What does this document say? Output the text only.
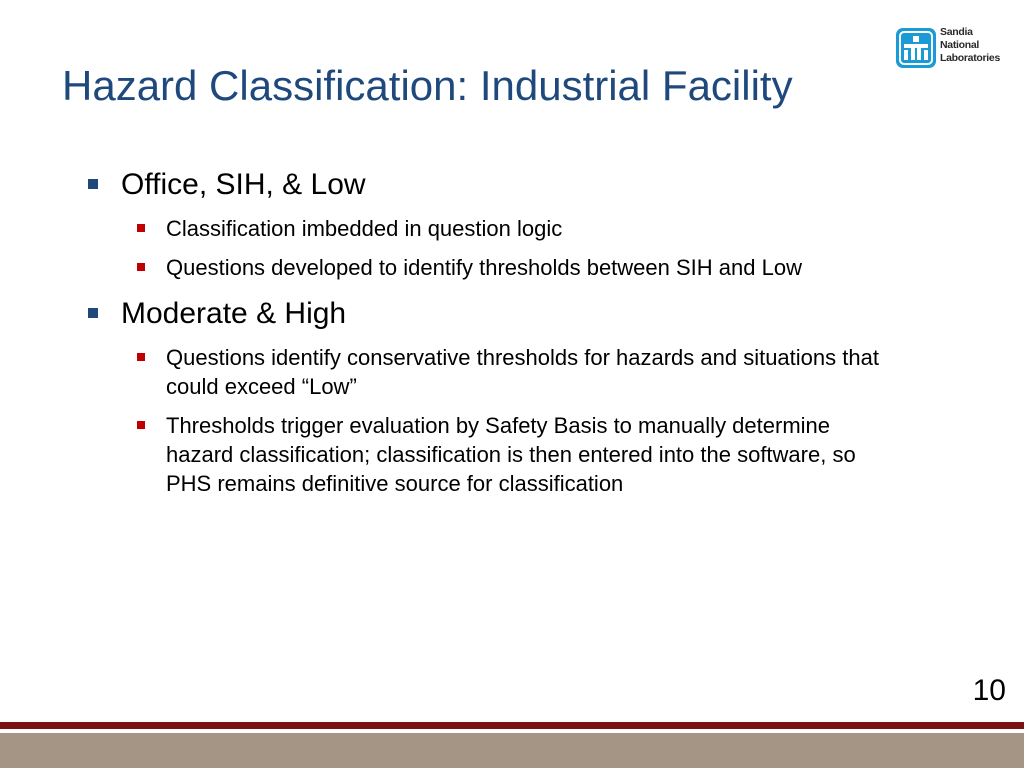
Hazard Classification: Industrial Facility
Sandia
National
Laboratories
Office, SIH, & Low
Classification imbedded in question logic
Questions developed to identify thresholds between SIH and Low
Moderate & High
Questions identify conservative thresholds for hazards and situations that could exceed “Low”
Thresholds trigger evaluation by Safety Basis to manually determine hazard classification; classification is then entered into the software, so PHS remains definitive source for classification
10
